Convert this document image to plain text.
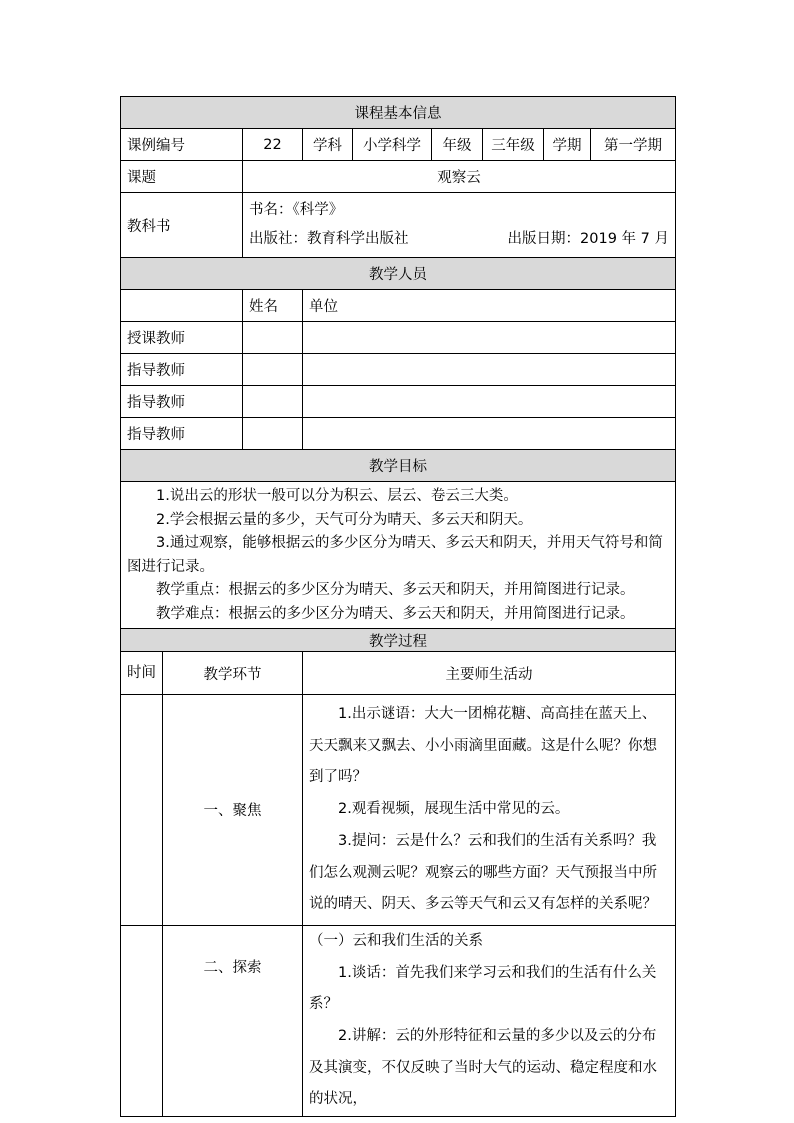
课程基本信息								
课例编号		22	学科	小学科学	年级	三年级	学期	第一学期
课题		观察云						
教科书		书名：《科学》
出版社：教育科学出版社 出版日期：2019 年 7 月						

教学人员								
		姓名	单位					
授课教师								
指导教师								
指导教师								
指导教师								
教学目标								

1.说出云的形状一般可以分为积云、层云、卷云三大类。

2.学会根据云量的多少，天气可分为晴天、多云天和阴天。

3.通过观察，能够根据云的多少区分为晴天、多云天和阴天，并用天气符号和简图进行记录。

教学重点：根据云的多少区分为晴天、多云天和阴天，并用简图进行记录。

教学难点：根据云的多少区分为晴天、多云天和阴天，并用简图进行记录。								

教学过程								
时间	教学环节		主要师生活动					
	一、聚焦		1.出示谜语：大大一团棉花糖、高高挂在蓝天上、天天飘来又飘去、小小雨滴里面藏。这是什么呢？你想到了吗？

2.观看视频，展现生活中常见的云。

3.提问：云是什么？云和我们的生活有关系吗？我们怎么观测云呢？观察云的哪些方面？天气预报当中所说的晴天、阴天、多云等天气和云又有怎样的关系呢？					

	二、探索		（一）云和我们生活的关系

1.谈话：首先我们来学习云和我们的生活有什么关系？

2.讲解：云的外形特征和云量的多少以及云的分布及其演变，不仅反映了当时大气的运动、稳定程度和水的状况，					
